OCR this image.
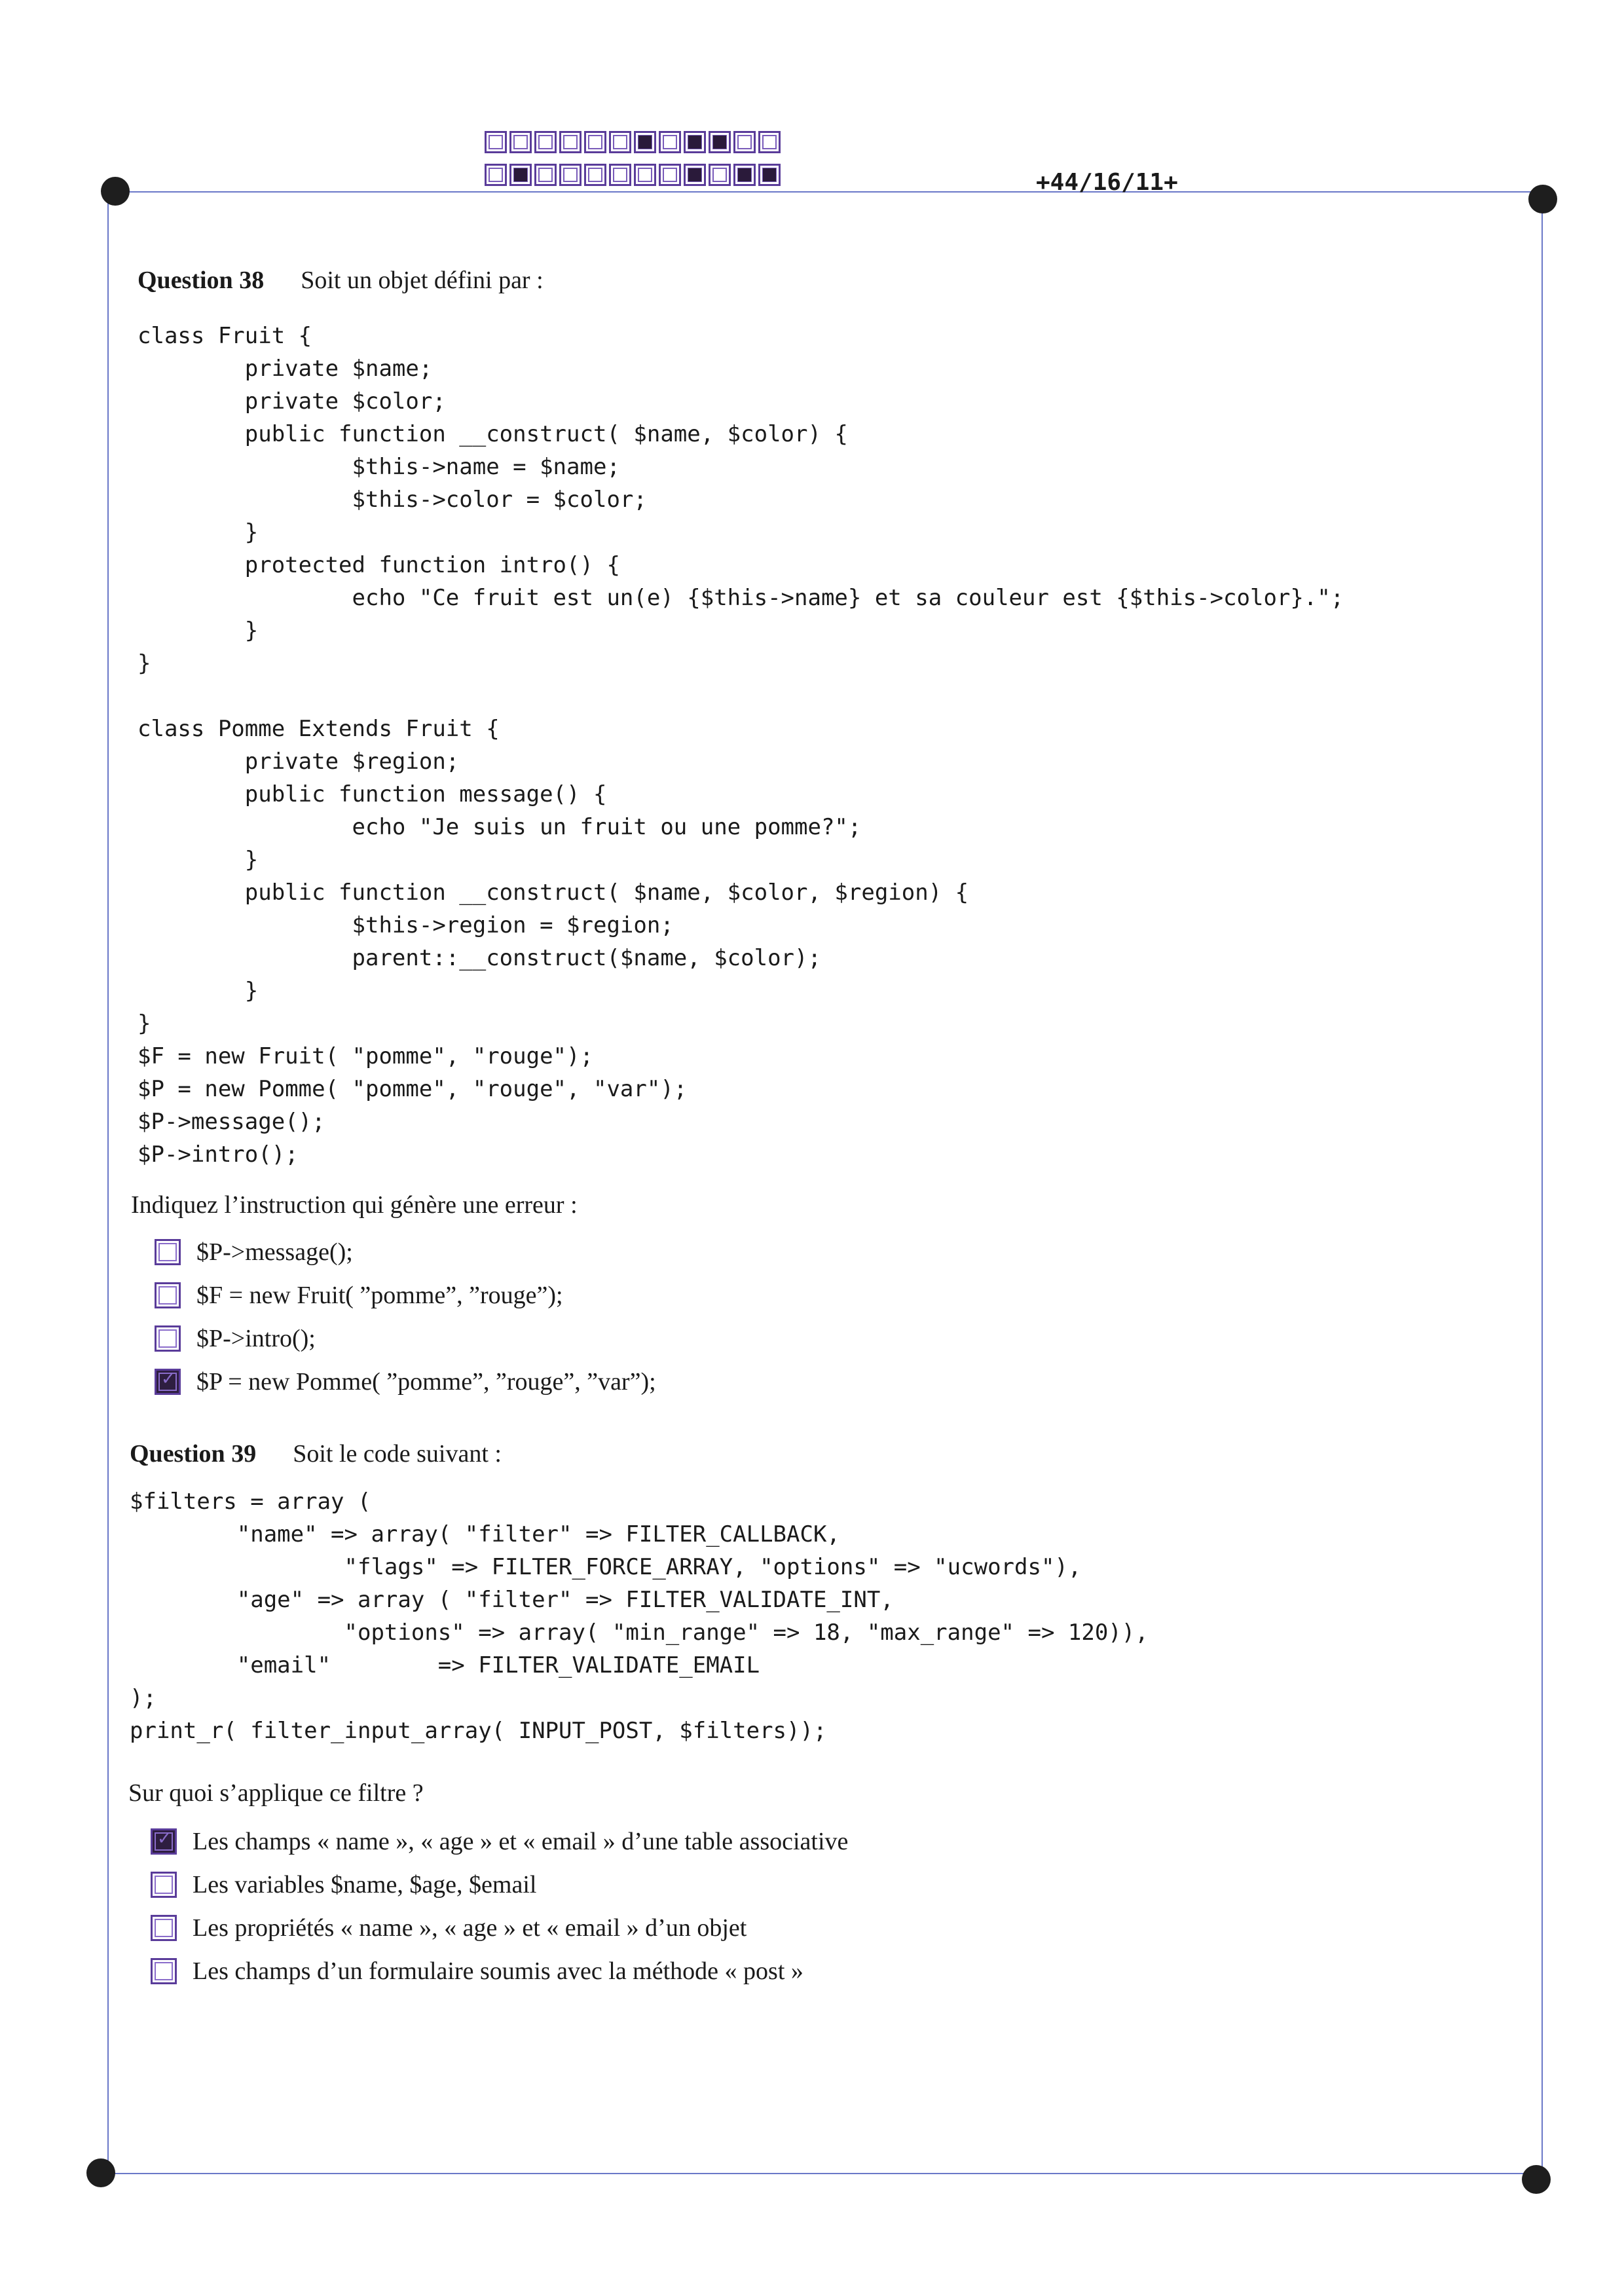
+44/16/11+
Question 38 Soit un objet défini par :
class Fruit {
private $name;
private $color;
public function __construct( $name, $color) {
$this->name = $name;
$this->color = $color;
}
protected function intro() {
echo "Ce fruit est un(e) {$this->name} et sa couleur est {$this->color}.";
}
}

class Pomme Extends Fruit {
private $region;
public function message() {
echo "Je suis un fruit ou une pomme?";
}
public function __construct( $name, $color, $region) {
$this->region = $region;
parent::__construct($name, $color);
}
}
$F = new Fruit( "pomme", "rouge");
$P = new Pomme( "pomme", "rouge", "var");
$P->message();
$P->intro();
Indiquez l’instruction qui génère une erreur :
$P->message();
$F = new Fruit( ”pomme”, ”rouge”);
$P->intro();
✓
$P = new Pomme( ”pomme”, ”rouge”, ”var”);
Question 39 Soit le code suivant :
$filters = array (
"name" => array( "filter" => FILTER_CALLBACK,
"flags" => FILTER_FORCE_ARRAY, "options" => "ucwords"),
"age" => array ( "filter" => FILTER_VALIDATE_INT,
"options" => array( "min_range" => 18, "max_range" => 120)),
"email"        => FILTER_VALIDATE_EMAIL
);
print_r( filter_input_array( INPUT_POST, $filters));
Sur quoi s’applique ce filtre ?
✓
Les champs « name », « age » et « email » d’une table associative
Les variables $name, $age, $email
Les propriétés « name », « age » et « email » d’un objet
Les champs d’un formulaire soumis avec la méthode « post »
